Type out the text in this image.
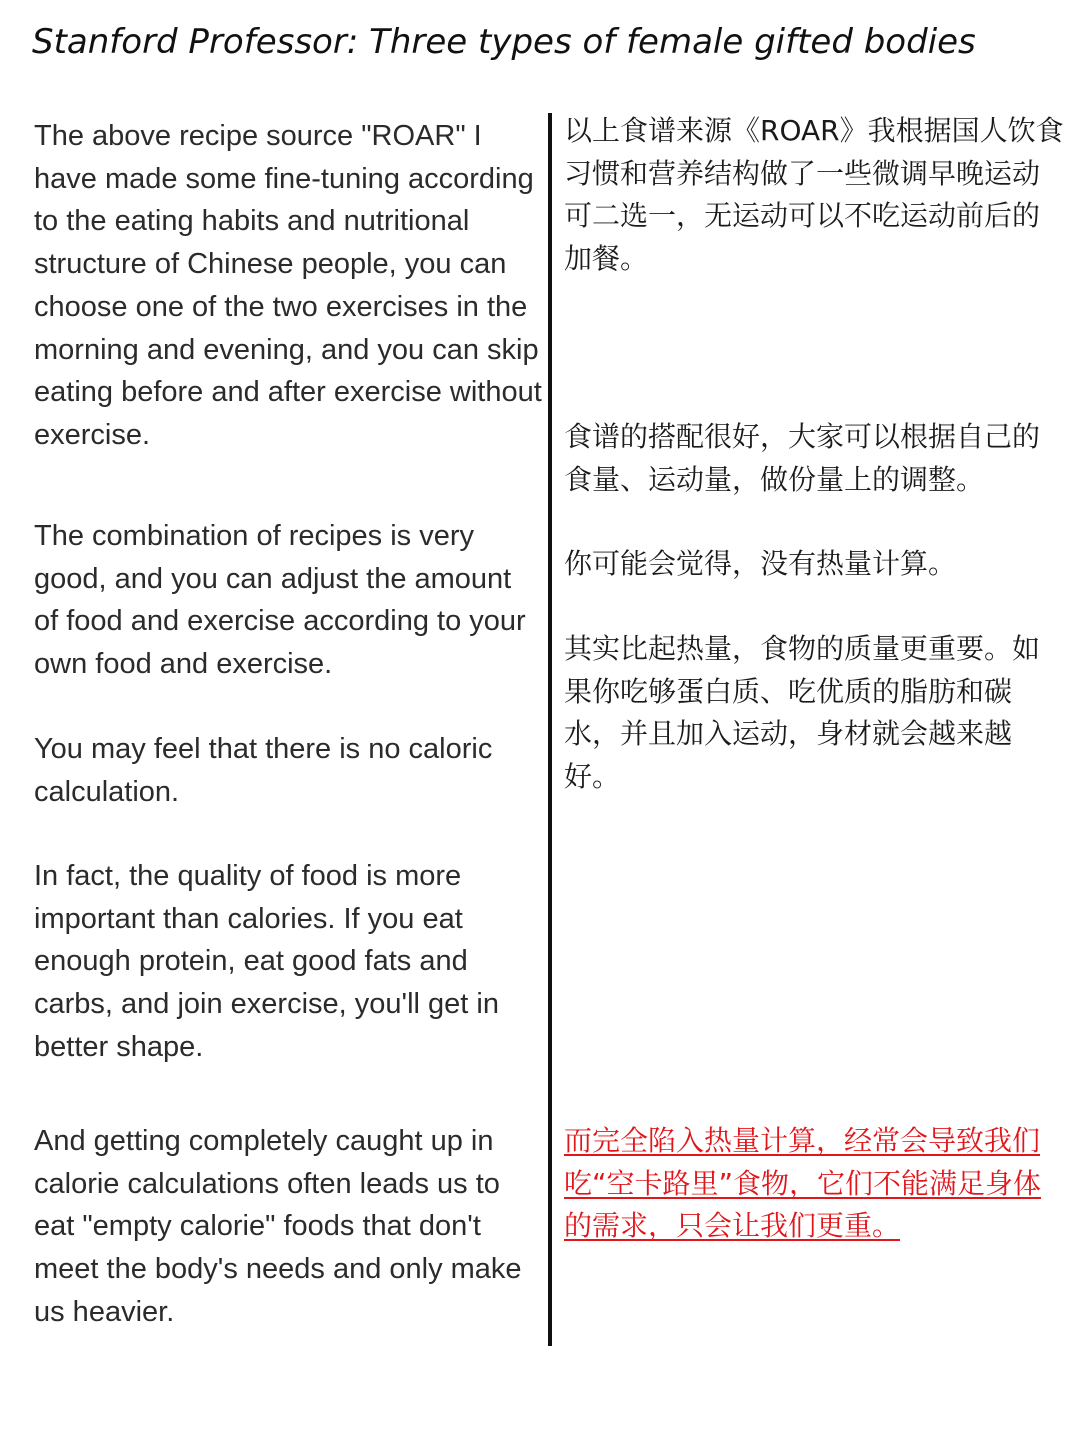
Stanford Professor: Three types of female gifted bodies

The above recipe source "ROAR" I have made some fine-tuning according to the eating habits and nutritional structure of Chinese people, you can choose one of the two exercises in the morning and evening, and you can skip eating before and after exercise without exercise.

The combination of recipes is very good, and you can adjust the amount of food and exercise according to your own food and exercise.

You may feel that there is no caloric calculation.

In fact, the quality of food is more important than calories. If you eat enough protein, eat good fats and carbs, and join exercise, you'll get in better shape.

And getting completely caught up in calorie calculations often leads us to eat "empty calorie" foods that don't meet the body's needs and only make us heavier.

以上食谱来源《ROAR》我根据国人饮食习惯和营养结构做了一些微调早晚运动可二选一，无运动可以不吃运动前后的加餐。

食谱的搭配很好，大家可以根据自己的食量、运动量，做份量上的调整。

你可能会觉得，没有热量计算。

其实比起热量，食物的质量更重要。如果你吃够蛋白质、吃优质的脂肪和碳水，并且加入运动，身材就会越来越好。

而完全陷入热量计算，经常会导致我们吃“空卡路里”食物，它们不能满足身体的需求，只会让我们更重。
